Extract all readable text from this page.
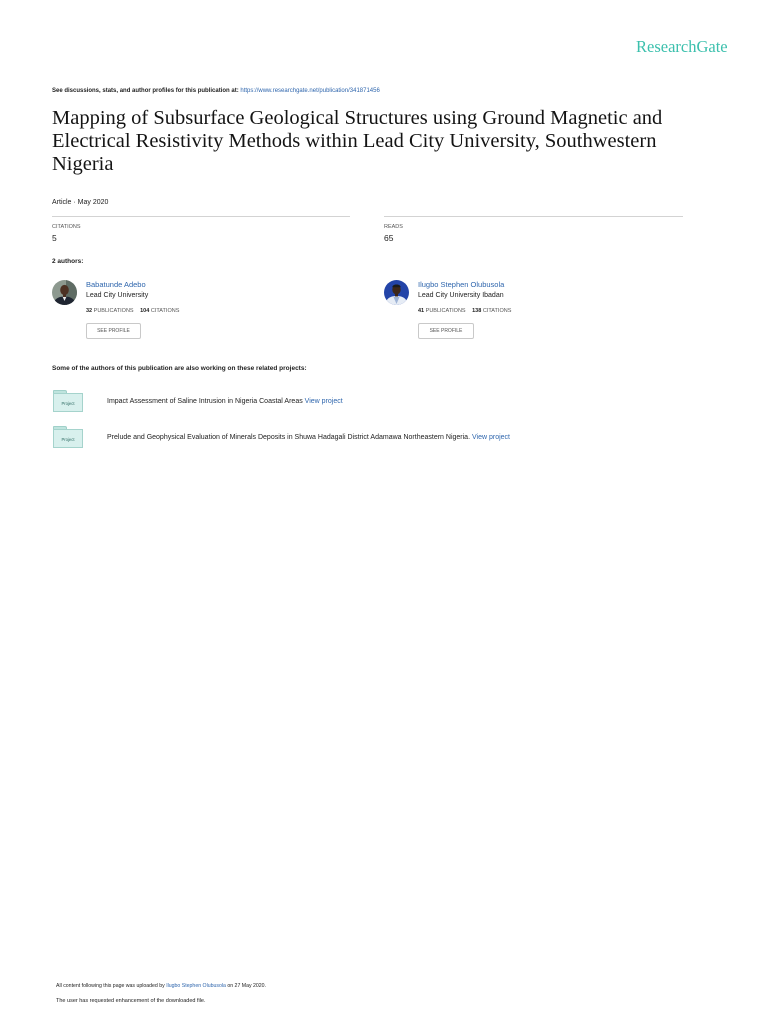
ResearchGate
See discussions, stats, and author profiles for this publication at: https://www.researchgate.net/publication/341871456
Mapping of Subsurface Geological Structures using Ground Magnetic and Electrical Resistivity Methods within Lead City University, Southwestern Nigeria
Article · May 2020
CITATIONS
5
READS
65
2 authors:
Babatunde Adebo
Lead City University
32 PUBLICATIONS 104 CITATIONS
SEE PROFILE
Ilugbo Stephen Olubusola
Lead City University Ibadan
41 PUBLICATIONS 138 CITATIONS
SEE PROFILE
Some of the authors of this publication are also working on these related projects:
Project	Impact Assessment of Saline Intrusion in Nigeria Coastal Areas View project
Project	Prelude and Geophysical Evaluation of Minerals Deposits in Shuwa Hadagali District Adamawa Northeastern Nigeria. View project
All content following this page was uploaded by Ilugbo Stephen Olubusola on 27 May 2020.
The user has requested enhancement of the downloaded file.
